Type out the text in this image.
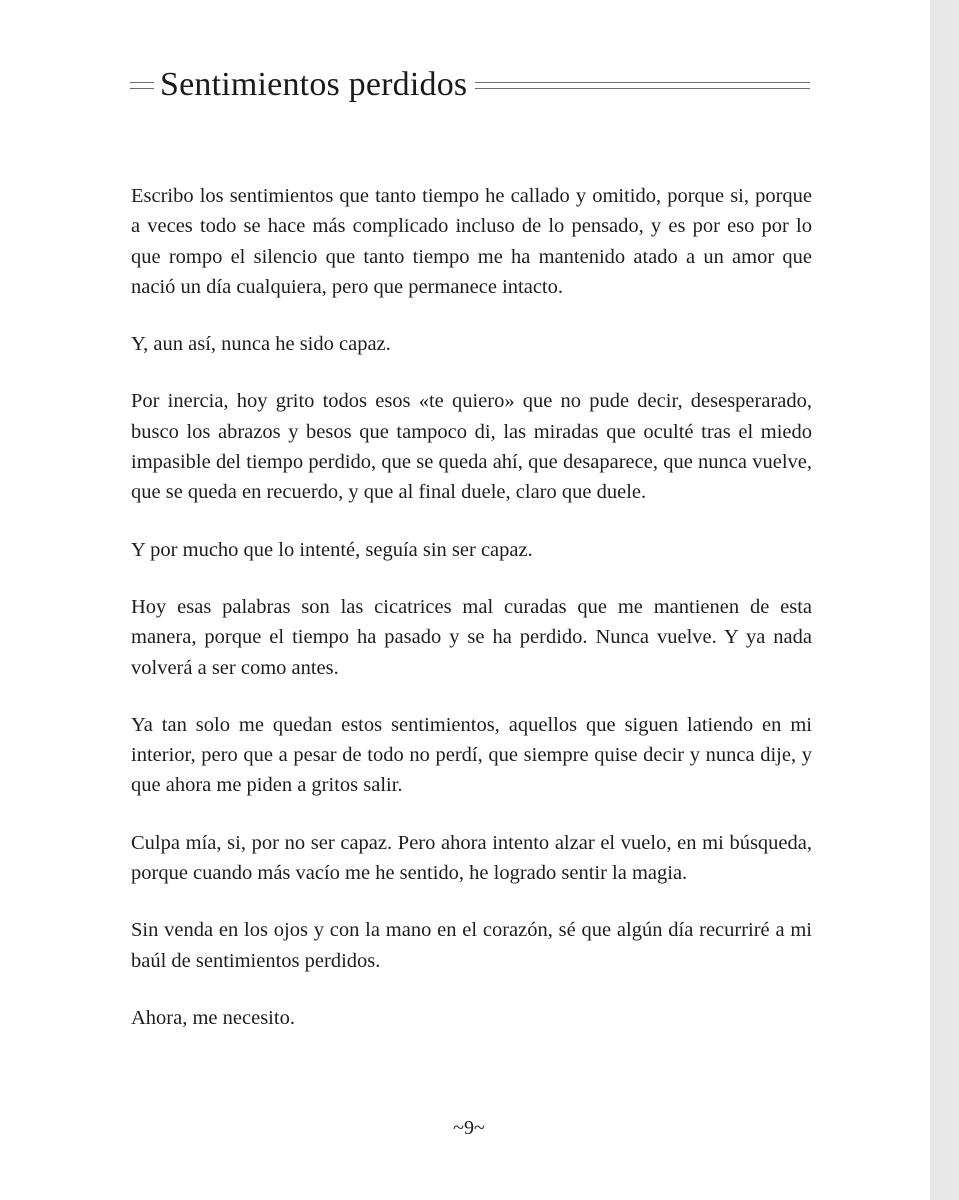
Sentimientos perdidos

Escribo los sentimientos que tanto tiempo he callado y omitido, porque si, porque a veces todo se hace más complicado incluso de lo pensado, y es por eso por lo que rompo el silencio que tanto tiempo me ha mantenido atado a un amor que nació un día cualquiera, pero que permanece intacto.

Y, aun así, nunca he sido capaz.

Por inercia, hoy grito todos esos «te quiero» que no pude decir, desesperarado, busco los abrazos y besos que tampoco di, las miradas que oculté tras el miedo impasible del tiempo perdido, que se queda ahí, que desaparece, que nunca vuelve, que se queda en recuerdo, y que al final duele, claro que duele.

Y por mucho que lo intenté, seguía sin ser capaz.

Hoy esas palabras son las cicatrices mal curadas que me mantienen de esta manera, porque el tiempo ha pasado y se ha perdido. Nunca vuelve. Y ya nada volverá a ser como antes.

Ya tan solo me quedan estos sentimientos, aquellos que siguen latiendo en mi interior, pero que a pesar de todo no perdí, que siempre quise decir y nunca dije, y que ahora me piden a gritos salir.

Culpa mía, si, por no ser capaz. Pero ahora intento alzar el vuelo, en mi búsqueda, porque cuando más vacío me he sentido, he logrado sentir la magia.

Sin venda en los ojos y con la mano en el corazón, sé que algún día recurriré a mi baúl de sentimientos perdidos.

Ahora, me necesito.

~9~
